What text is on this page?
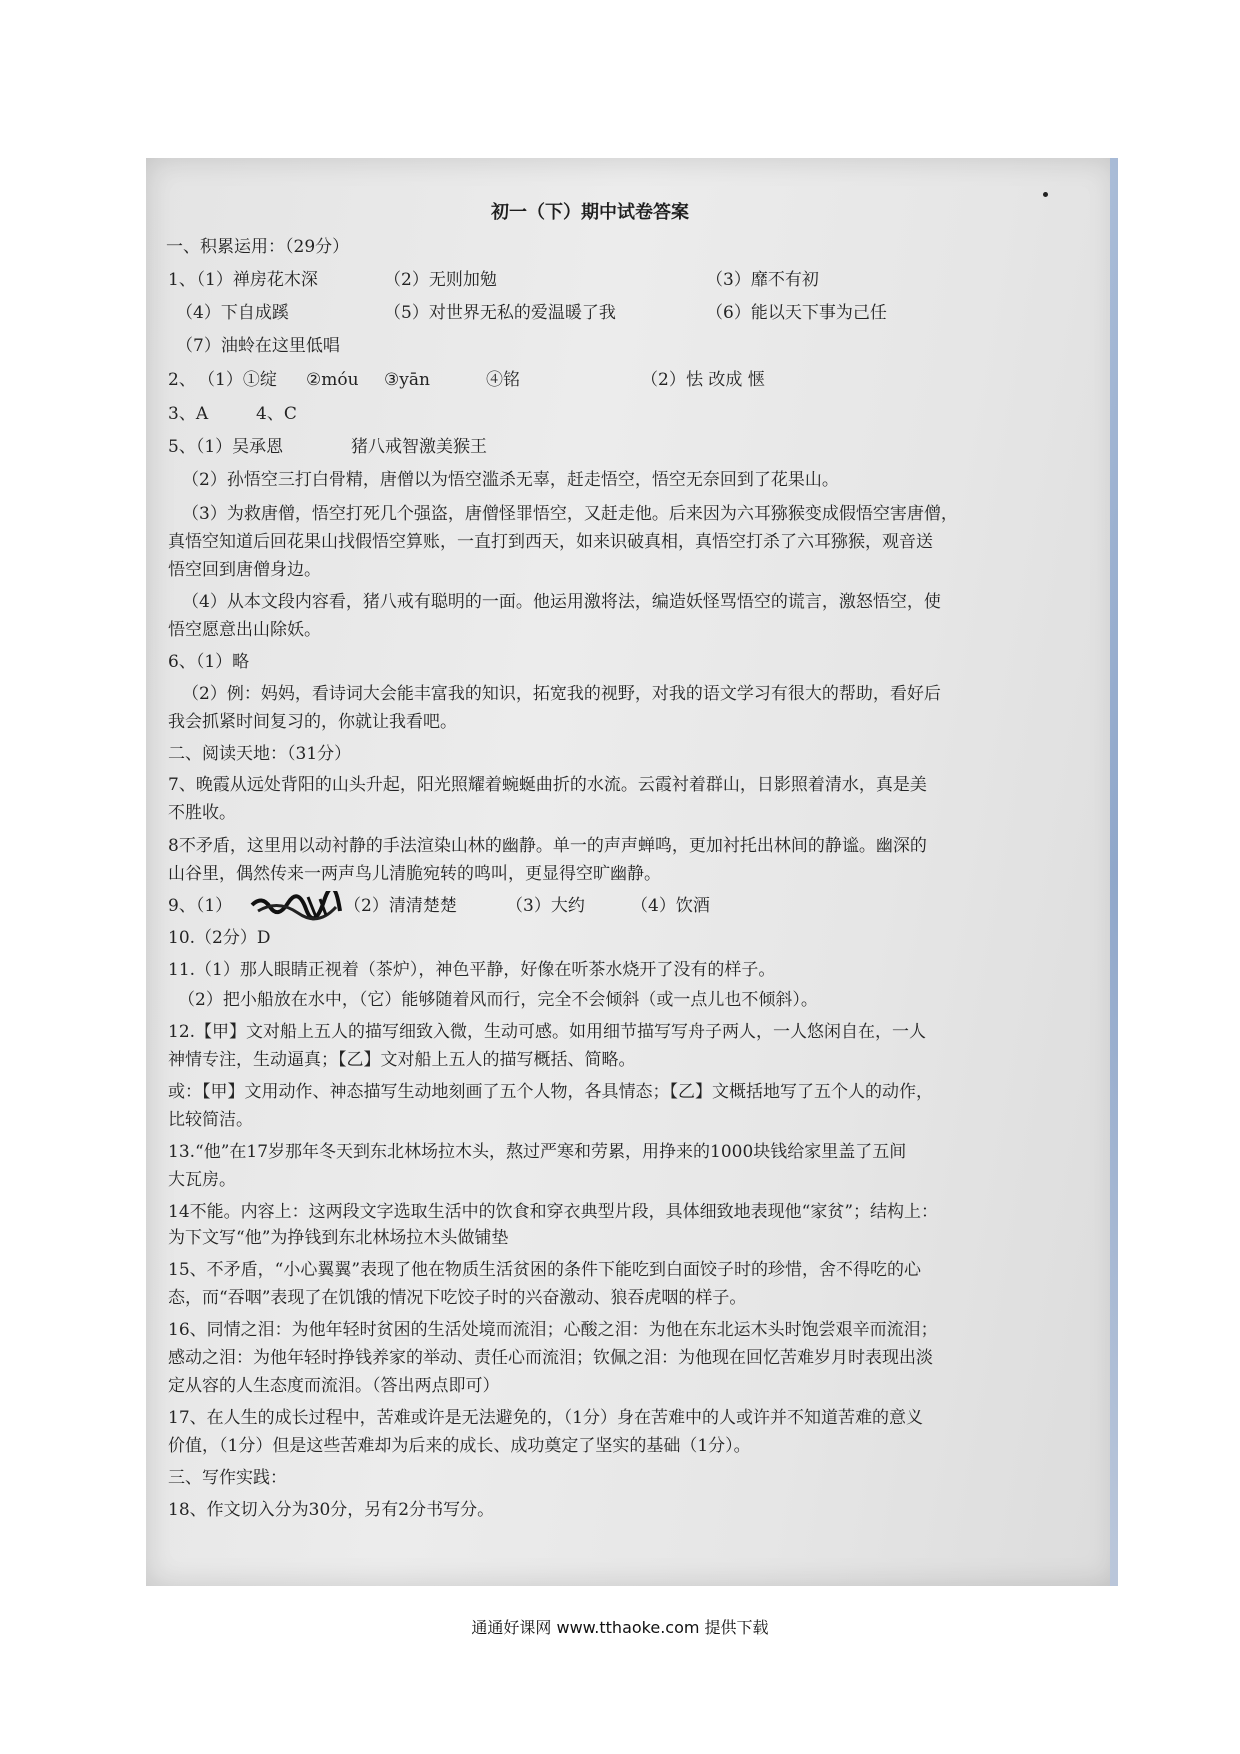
初一（下）期中试卷答案
一、积累运用：（29分）
1、
（1）禅房花木深	（2）无则加勉	（3）靡不有初
（4）下自成蹊	（5）对世界无私的爱温暖了我	（6）能以天下事为己任
（7）油蛉在这里低唱
2、 （1）①绽 ②móu ③yān	④铭	（2） 怯 改成 惬
3、A	4、C
5、（1）吴承恩	猪八戒智激美猴王
（2）孙悟空三打白骨精，唐僧以为悟空滥杀无辜，赶走悟空，悟空无奈回到了花果山。
（3）为救唐僧，悟空打死几个强盗，唐僧怪罪悟空，又赶走他。后来因为六耳猕猴变成假悟空害唐僧，
真悟空知道后回花果山找假悟空算账，一直打到西天，如来识破真相，真悟空打杀了六耳猕猴，观音送
悟空回到唐僧身边。
（4）从本文段内容看，猪八戒有聪明的一面。他运用激将法，编造妖怪骂悟空的谎言，激怒悟空，使
悟空愿意出山除妖。
6、（1）略
（2）例：妈妈，看诗词大会能丰富我的知识，拓宽我的视野，对我的语文学习有很大的帮助，看好后
我会抓紧时间复习的，你就让我看吧。
二、阅读天地：（31分）
7、晚霞从远处背阳的山头升起，阳光照耀着蜿蜒曲折的水流。云霞衬着群山，日影照着清水，真是美
不胜收。
8不矛盾，这里用以动衬静的手法渲染山林的幽静。单一的声声蝉鸣，更加衬托出林间的静谧。幽深的
山谷里，偶然传来一两声鸟儿清脆宛转的鸣叫，更显得空旷幽静。
9、（1）	（2）清清楚楚	（3）大约	（4）饮酒
10.（2分）D
11.（1）那人眼睛正视着（茶炉），神色平静，好像在听茶水烧开了没有的样子。
（2）把小船放在水中，（它）能够随着风而行，完全不会倾斜（或一点儿也不倾斜）。
12.【甲】文对船上五人的描写细致入微，生动可感。如用细节描写写舟子两人，一人悠闲自在，一人
神情专注，生动逼真；【乙】文对船上五人的描写概括、简略。
或：【甲】文用动作、神态描写生动地刻画了五个人物，各具情态；【乙】文概括地写了五个人的动作，
比较简洁。
13.“他”在17岁那年冬天到东北林场拉木头，熬过严寒和劳累，用挣来的1000块钱给家里盖了五间
大瓦房。
14不能。内容上：这两段文字选取生活中的饮食和穿衣典型片段，具体细致地表现他“家贫”；结构上：
为下文写“他”为挣钱到东北林场拉木头做铺垫
15、不矛盾，“小心翼翼”表现了他在物质生活贫困的条件下能吃到白面饺子时的珍惜，舍不得吃的心
态，而“吞咽”表现了在饥饿的情况下吃饺子时的兴奋激动、狼吞虎咽的样子。
16、同情之泪：为他年轻时贫困的生活处境而流泪；心酸之泪：为他在东北运木头时饱尝艰辛而流泪；
感动之泪：为他年轻时挣钱养家的举动、责任心而流泪；钦佩之泪：为他现在回忆苦难岁月时表现出淡
定从容的人生态度而流泪。（答出两点即可）
17、在人生的成长过程中，苦难或许是无法避免的，（1分）身在苦难中的人或许并不知道苦难的意义
价值，（1分）但是这些苦难却为后来的成长、成功奠定了坚实的基础（1分）。
三、写作实践：
18、作文切入分为30分，另有2分书写分。
通通好课网 www.tthaoke.com 提供下载
